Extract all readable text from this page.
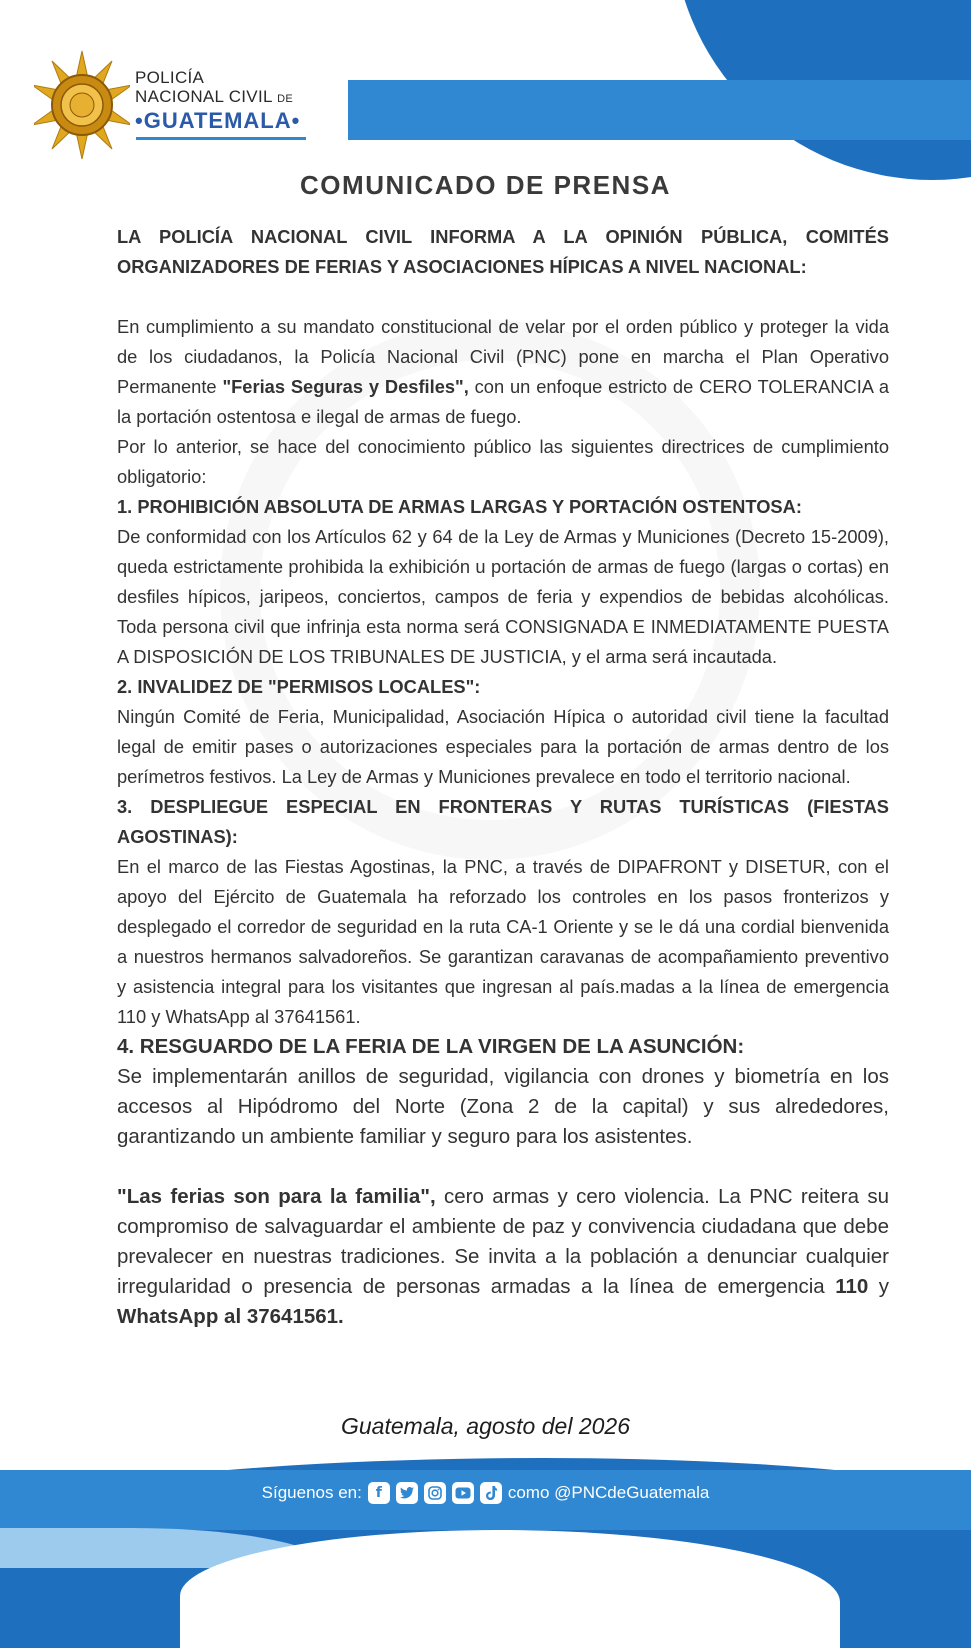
POLICÍA
NACIONAL CIVIL DE
•GUATEMALA•
COMUNICADO DE PRENSA

LA POLICÍA NACIONAL CIVIL INFORMA A LA OPINIÓN PÚBLICA, COMITÉS ORGANIZADORES DE FERIAS Y ASOCIACIONES HÍPICAS A NIVEL NACIONAL:

En cumplimiento a su mandato constitucional de velar por el orden público y proteger la vida de los ciudadanos, la Policía Nacional Civil (PNC) pone en marcha el Plan Operativo Permanente "Ferias Seguras y Desfiles", con un enfoque estricto de CERO TOLERANCIA a la portación ostentosa e ilegal de armas de fuego.

Por lo anterior, se hace del conocimiento público las siguientes directrices de cumplimiento obligatorio:

1. PROHIBICIÓN ABSOLUTA DE ARMAS LARGAS Y PORTACIÓN OSTENTOSA:

De conformidad con los Artículos 62 y 64 de la Ley de Armas y Municiones (Decreto 15-2009), queda estrictamente prohibida la exhibición u portación de armas de fuego (largas o cortas) en desfiles hípicos, jaripeos, conciertos, campos de feria y expendios de bebidas alcohólicas. Toda persona civil que infrinja esta norma será CONSIGNADA E INMEDIATAMENTE PUESTA A DISPOSICIÓN DE LOS TRIBUNALES DE JUSTICIA, y el arma será incautada.

2. INVALIDEZ DE "PERMISOS LOCALES":

Ningún Comité de Feria, Municipalidad, Asociación Hípica o autoridad civil tiene la facultad legal de emitir pases o autorizaciones especiales para la portación de armas dentro de los perímetros festivos. La Ley de Armas y Municiones prevalece en todo el territorio nacional.

3. DESPLIEGUE ESPECIAL EN FRONTERAS Y RUTAS TURÍSTICAS (FIESTAS AGOSTINAS):

En el marco de las Fiestas Agostinas, la PNC, a través de DIPAFRONT y DISETUR, con el apoyo del Ejército de Guatemala ha reforzado los controles en los pasos fronterizos y desplegado el corredor de seguridad en la ruta CA-1 Oriente y se le dá una cordial bienvenida a nuestros hermanos salvadoreños. Se garantizan caravanas de acompañamiento preventivo y asistencia integral para los visitantes que ingresan al país.madas a la línea de emergencia 110 y WhatsApp al 37641561.

4. RESGUARDO DE LA FERIA DE LA VIRGEN DE LA ASUNCIÓN:

Se implementarán anillos de seguridad, vigilancia con drones y biometría en los accesos al Hipódromo del Norte (Zona 2 de la capital) y sus alrededores, garantizando un ambiente familiar y seguro para los asistentes.

"Las ferias son para la familia", cero armas y cero violencia. La PNC reitera su compromiso de salvaguardar el ambiente de paz y convivencia ciudadana que debe prevalecer en nuestras tradiciones. Se invita a la población a denunciar cualquier irregularidad o presencia de personas armadas a la línea de emergencia 110 y WhatsApp al 37641561.

Guatemala, agosto del 2026
Síguenos en: f	como @PNCdeGuatemala
